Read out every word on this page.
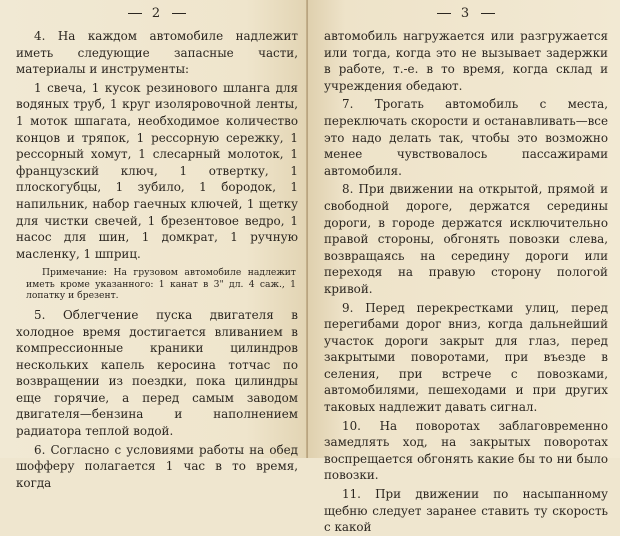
2

4. На каждом автомобиле надлежит иметь следующие запасные части, материалы и инструменты:

1 свеча, 1 кусок резинового шланга для водяных труб, 1 круг изоляровочной ленты, 1 моток шпагата, необходимое количество концов и тряпок, 1 рессорную сережку, 1 рессорный хомут, 1 слесарный молоток, 1 французский ключ, 1 отвертку, 1 плоскогубцы, 1 зубило, 1 бородок, 1 напильник, набор гаечных ключей, 1 щетку для чистки свечей, 1 брезентовое ведро, 1 насос для шин, 1 домкрат, 1 ручную масленку, 1 шприц.

Примечание: На грузовом автомобиле надлежит иметь кроме указанного: 1 канат в 3" дл. 4 саж., 1 лопатку и брезент.

5. Облегчение пуска двигателя в холодное время достигается вливанием в компрессионные краники цилиндров нескольких капель керосина тотчас по возвращении из поездки, пока цилиндры еще горячие, а перед самым заводом двигателя—бензина и наполнением радиатора теплой водой.

6. Согласно с условиями работы на обед шофферу полагается 1 час в то время, когда

3

автомобиль нагружается или разгружается или тогда, когда это не вызывает задержки в работе, т.-е. в то время, когда склад и учреждения обедают.

7. Трогать автомобиль с места, переключать скорости и останавливать—все это надо делать так, чтобы это возможно менее чувствовалось пассажирами автомобиля.

8. При движении на открытой, прямой и свободной дороге, держатся середины дороги, в городе держатся исключительно правой стороны, обгонять повозки слева, возвращаясь на середину дороги или переходя на правую сторону пологой кривой.

9. Перед перекрестками улиц, перед перегибами дорог вниз, когда дальнейший участок дороги закрыт для глаз, перед закрытыми поворотами, при въезде в селения, при встрече с повозками, автомобилями, пешеходами и при других таковых надлежит давать сигнал.

10. На поворотах заблаговременно замедлять ход, на закрытых поворотах воспрещается обгонять какие бы то ни было повозки.

11. При движении по насыпанному щебню следует заранее ставить ту скорость с какой
